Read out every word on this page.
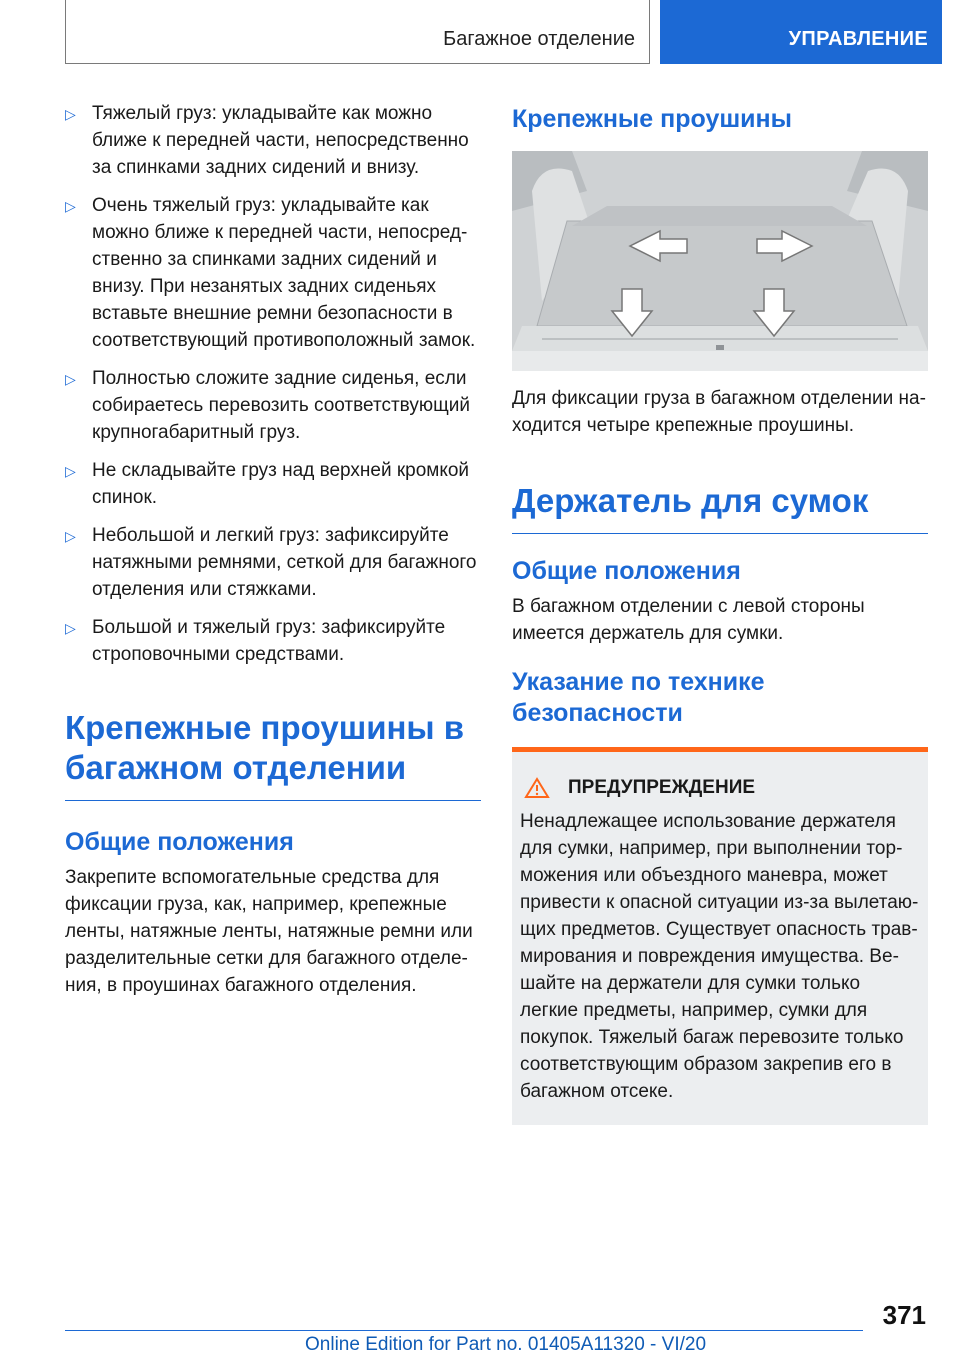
Багажное отделение	УПРАВЛЕНИЕ
▷ Тяжелый груз: укладывайте как можно ближе к передней части, непосредственно за спинками задних сидений и внизу.
▷ Очень тяжелый груз: укладывайте как можно ближе к передней части, непосредственно за спинками задних сидений и внизу. При незанятых задних сиденьях вставьте внешние ремни безопасности в соответствующий противоположный замок.
▷ Полностью сложите задние сиденья, если собираетесь перевозить соответствующий крупногабаритный груз.
▷ Не складывайте груз над верхней кромкой спинок.
▷ Небольшой и легкий груз: зафиксируйте натяжными ремнями, сеткой для багажного отделения или стяжками.
▷ Большой и тяжелый груз: зафиксируйте строповочными средствами.
Крепежные проушины в багажном отделении
Общие положения

Закрепите вспомогательные средства для фиксации груза, как, например, крепежные ленты, натяжные ленты, натяжные ремни или разделительные сетки для багажного отделения, в проушинах багажного отделения.

Крепежные проушины

Для фиксации груза в багажном отделении находится четыре крепежные проушины.

Держатель для сумок
Общие положения

В багажном отделении с левой стороны имеется держатель для сумки.

Указание по технике безопасности
ПРЕДУПРЕЖДЕНИЕ

Ненадлежащее использование держателя для сумки, например, при выполнении торможения или объездного маневра, может привести к опасной ситуации из-за вылетающих предметов. Существует опасность травмирования и повреждения имущества. Вешайте на держатели для сумки только легкие предметы, например, сумки для покупок. Тяжелый багаж перевозите только соответствующим образом закрепив его в багажном отсеке.

371
Online Edition for Part no. 01405A11320 - VI/20
